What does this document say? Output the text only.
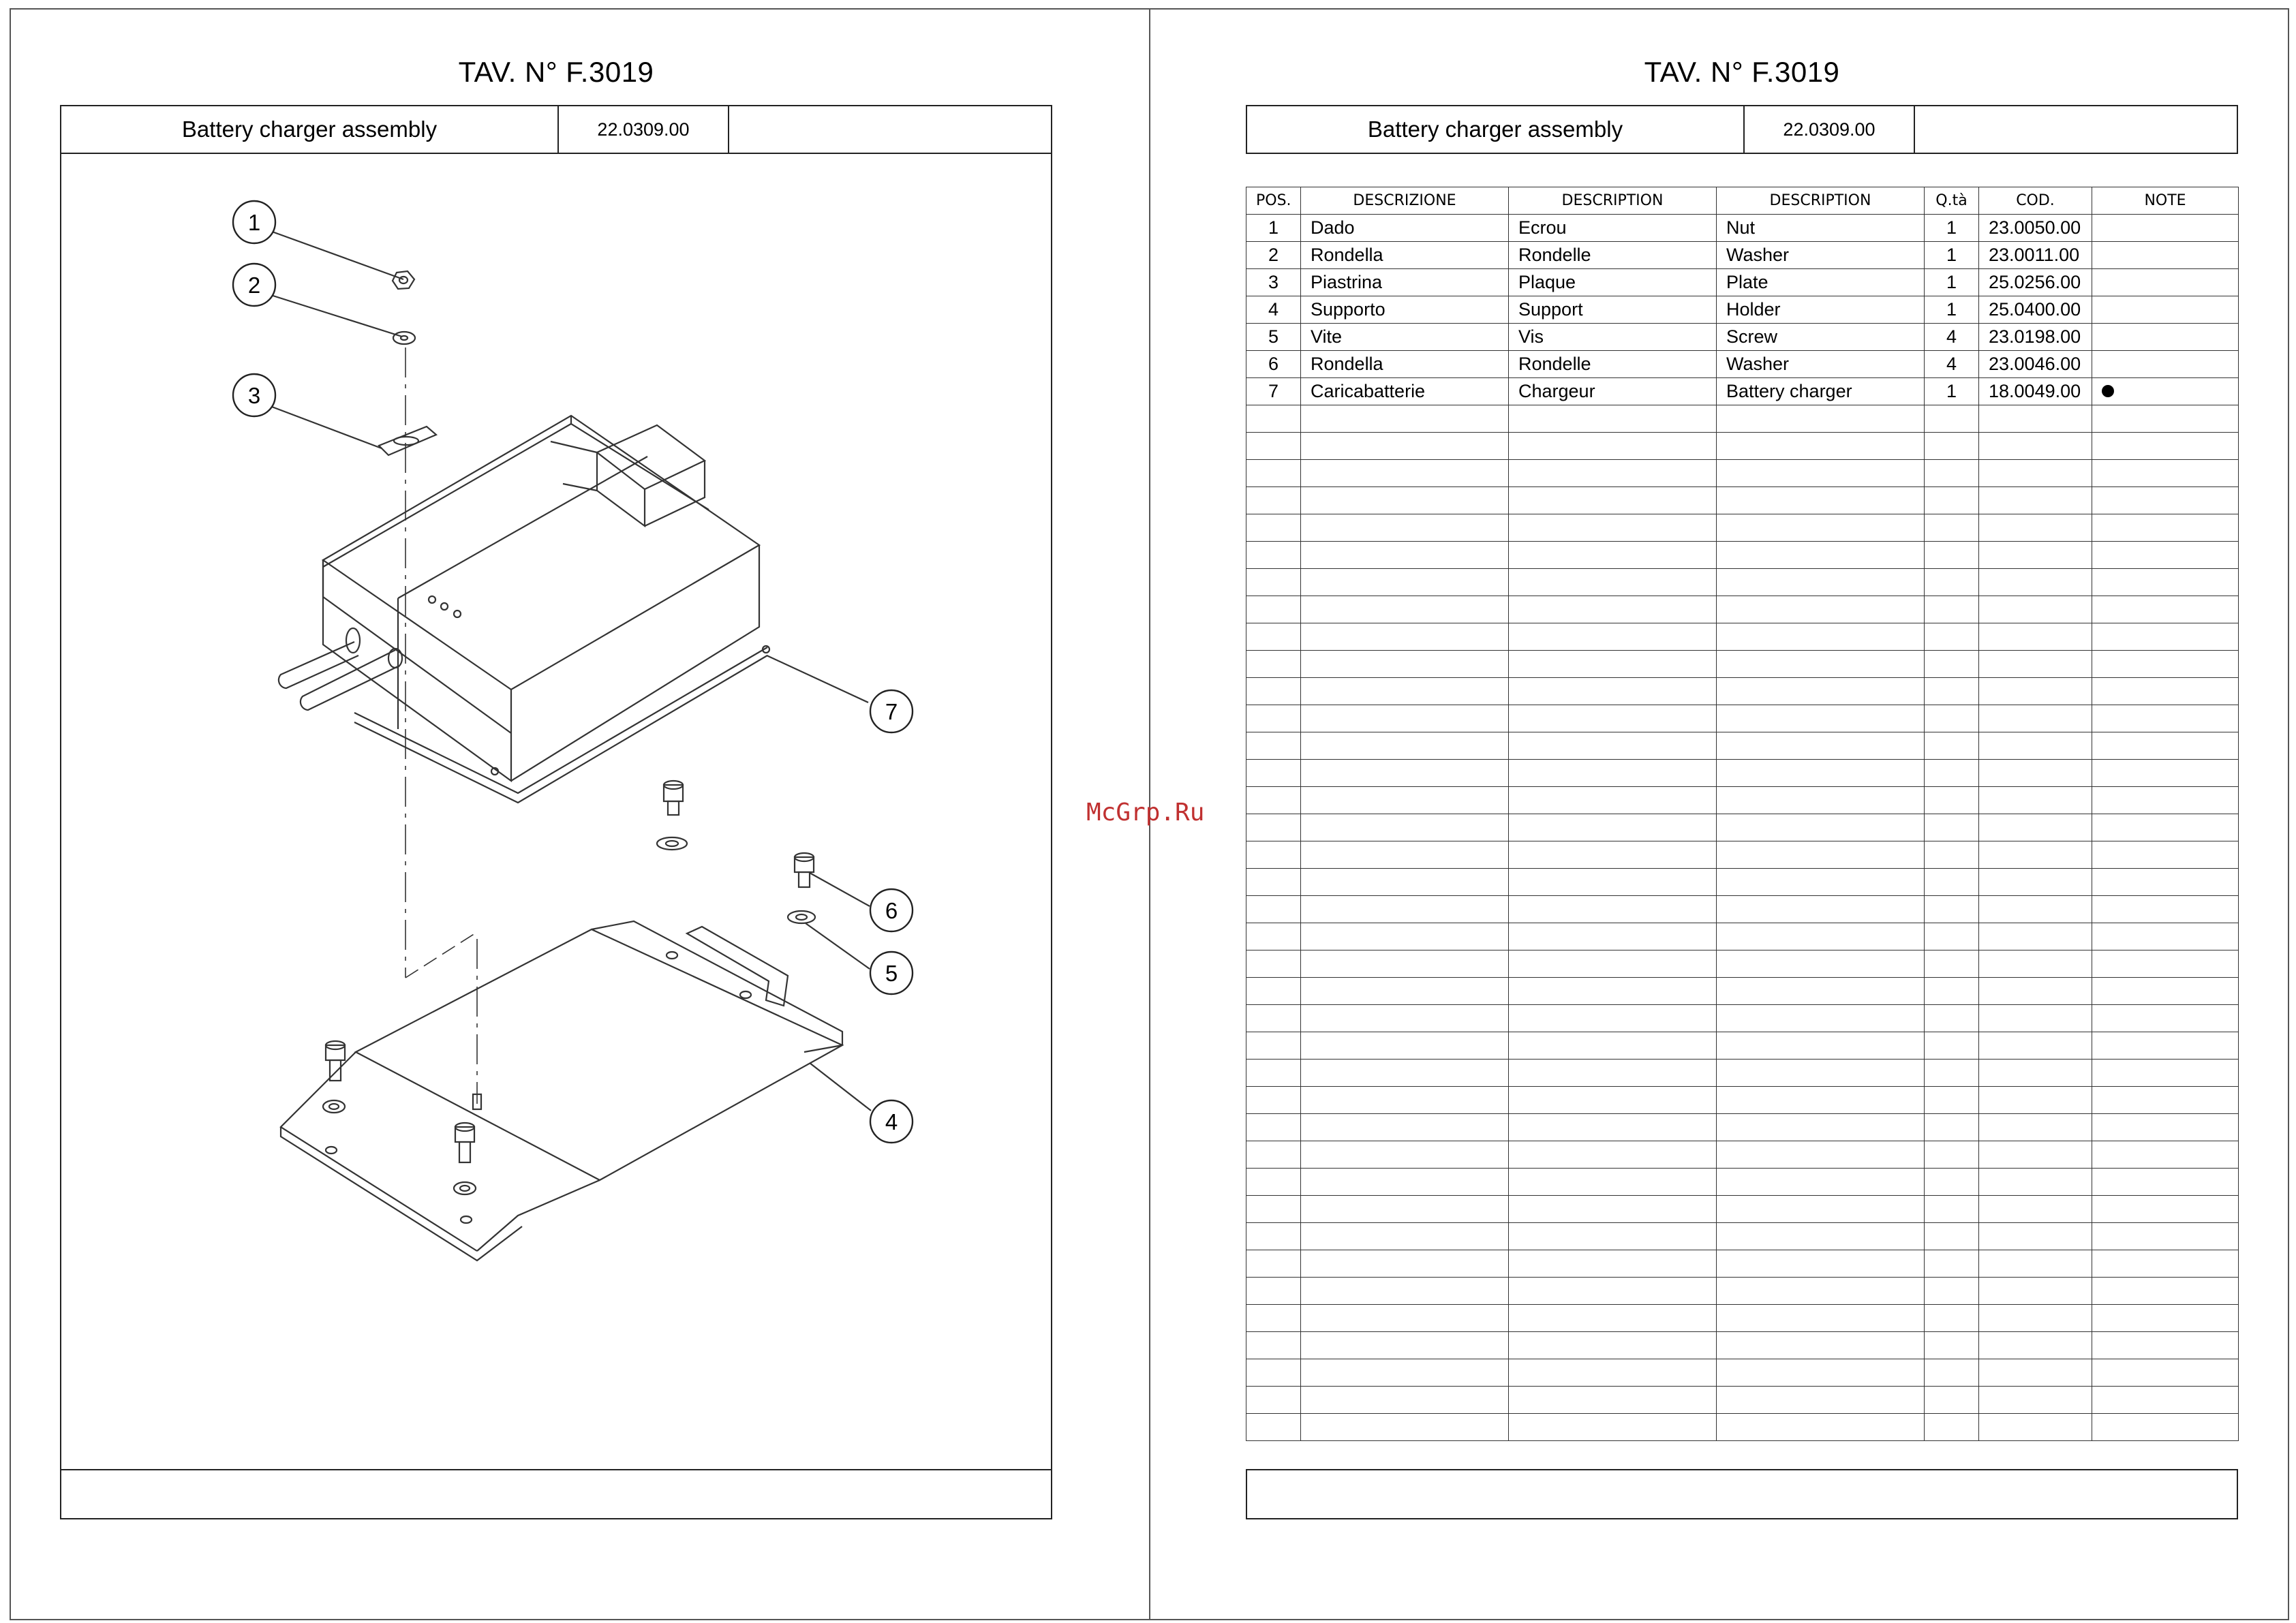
TAV. N° F.3019
Battery charger assembly	22.0309.00
1
2
3
4
5
6
7
McGrp.Ru
TAV. N° F.3019
Battery charger assembly	22.0309.00
POS.	DESCRIZIONE	DESCRIPTION	DESCRIPTION	Q.tà	COD.	NOTE
1	Dado	Ecrou	Nut	1	23.0050.00	
2	Rondella	Rondelle	Washer	1	23.0011.00	
3	Piastrina	Plaque	Plate	1	25.0256.00	
4	Supporto	Support	Holder	1	25.0400.00	
5	Vite	Vis	Screw	4	23.0198.00	
6	Rondella	Rondelle	Washer	4	23.0046.00	
7	Caricabatterie	Chargeur	Battery charger	1	18.0049.00	
